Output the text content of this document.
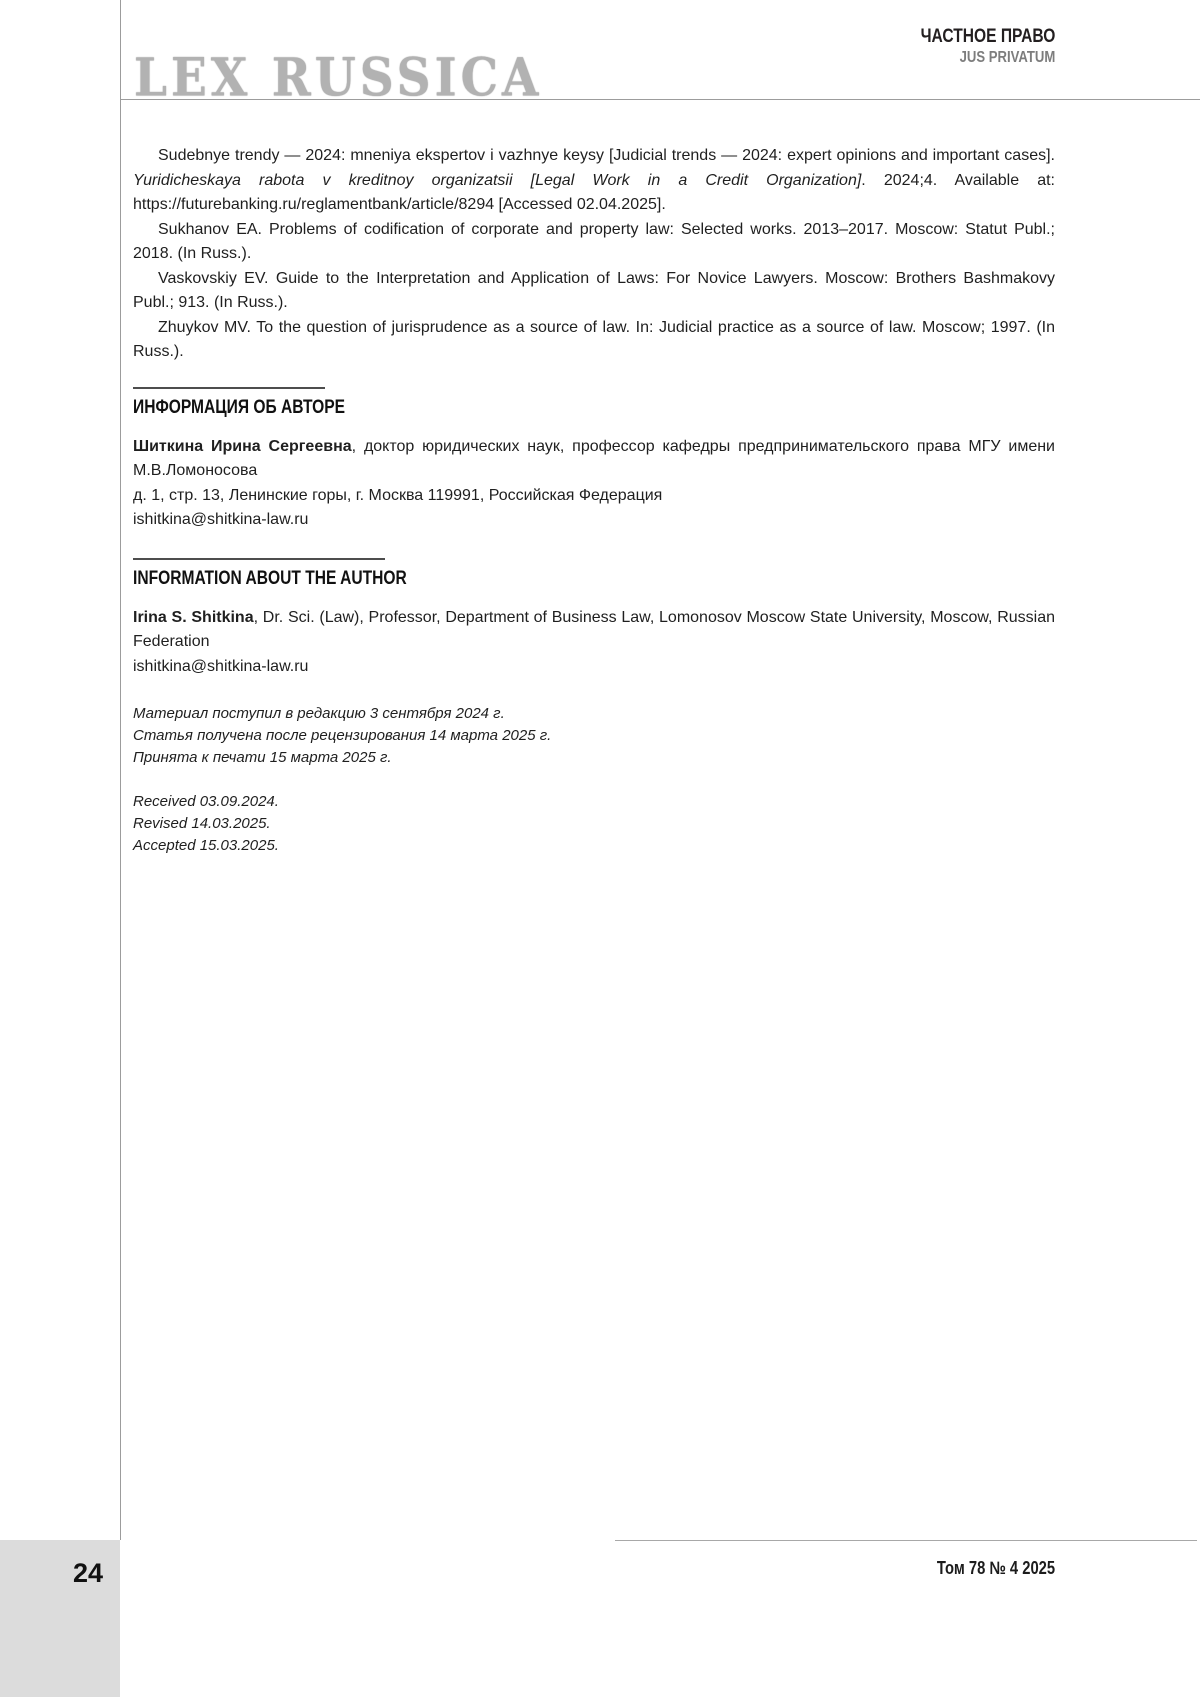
LEX RUSSICA
ЧАСТНОЕ ПРАВО
JUS PRIVATUM

Sudebnye trendy — 2024: mneniya ekspertov i vazhnye keysy [Judicial trends — 2024: expert opinions and important cases]. Yuridicheskaya rabota v kreditnoy organizatsii [Legal Work in a Credit Organization]. 2024;4. Available at: https://futurebanking.ru/reglamentbank/article/8294 [Accessed 02.04.2025].

Sukhanov EA. Problems of codification of corporate and property law: Selected works. 2013–2017. Moscow: Statut Publ.; 2018. (In Russ.).

Vaskovskiy EV. Guide to the Interpretation and Application of Laws: For Novice Lawyers. Moscow: Brothers Bashmakovy Publ.; 913. (In Russ.).

Zhuykov MV. To the question of jurisprudence as a source of law. In: Judicial practice as a source of law. Moscow; 1997. (In Russ.).

ИНФОРМАЦИЯ ОБ АВТОРЕ

Шиткина Ирина Сергеевна, доктор юридических наук, профессор кафедры предпринимательского права МГУ имени М.В.Ломоносова

д. 1, стр. 13, Ленинские горы, г. Москва 119991, Российская Федерация
ishitkina@shitkina-law.ru
INFORMATION ABOUT THE AUTHOR

Irina S. Shitkina, Dr. Sci. (Law), Professor, Department of Business Law, Lomonosov Moscow State University, Moscow, Russian Federation

ishitkina@shitkina-law.ru

Материал поступил в редакцию 3 сентября 2024 г.

Статья получена после рецензирования 14 марта 2025 г.

Принята к печати 15 марта 2025 г.

Received 03.09.2024.

Revised 14.03.2025.

Accepted 15.03.2025.

Том 78 № 4 2025
24
